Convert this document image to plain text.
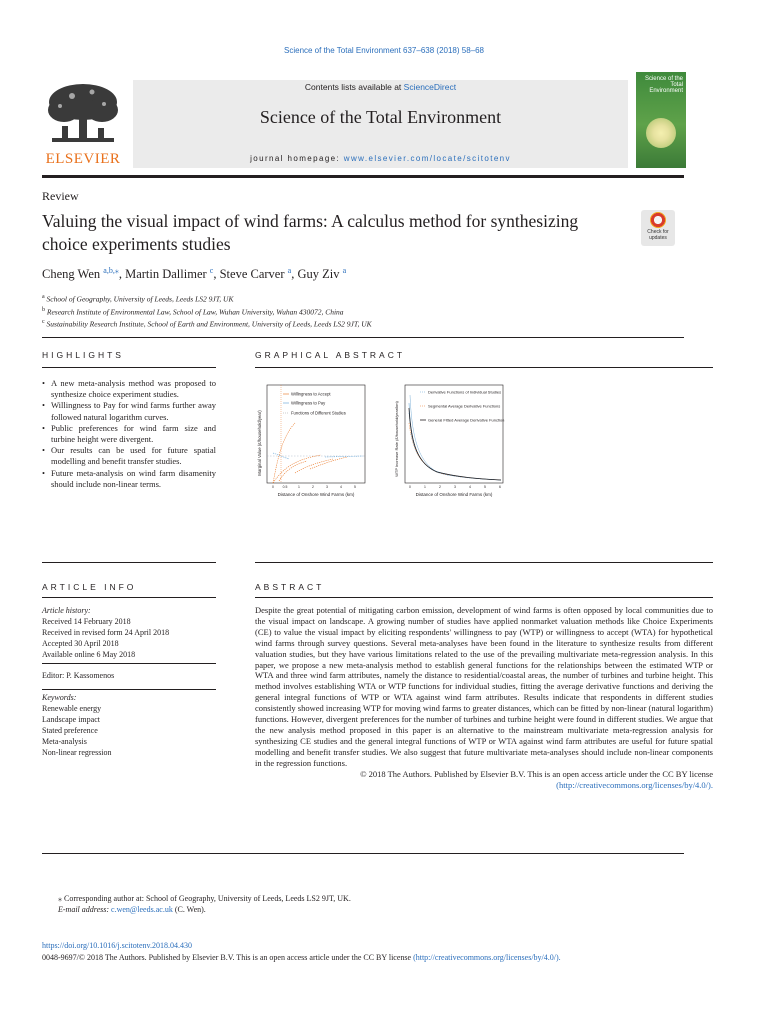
Science of the Total Environment 637–638 (2018) 58–68
ELSEVIER
Contents lists available at ScienceDirect
Science of the Total Environment
journal homepage: www.elsevier.com/locate/scitotenv
Science of the
Total Environment
Review
Valuing the visual impact of wind farms: A calculus method for synthesizing choice experiments studies
Check for
updates
Cheng Wen $^{a,b,⁎}$, Martin Dallimer $^c$, Steve Carver $^a$, Guy Ziv $^a$
$^a$ School of Geography, University of Leeds, Leeds LS2 9JT, UK
$^b$ Research Institute of Environmental Law, School of Law, Wuhan University, Wuhan 430072, China
$^c$ Sustainability Research Institute, School of Earth and Environment, University of Leeds, Leeds LS2 9JT, UK
HIGHLIGHTS	GRAPHICAL ABSTRACT
ARTICLE INFO	ABSTRACT
• A new meta-analysis method was proposed to synthesize choice experiment studies.
• Willingness to Pay for wind farms further away followed natural logarithm curves.
• Public preferences for wind farm size and turbine height were divergent.
• Our results can be used for future spatial modelling and benefit transfer studies.
• Future meta-analysis on wind farm disamenity should include non-linear terms.
Marginal Value (£/household/year)
Willingness to Accept
Willingness to Pay
Functions of Different Studies
0	0.5	1	2	3	4	5
Distance of Onshore Wind Farms (km)
WTP Increase Rate (£/household/year/km)
Derivative Functions of Individual Studies
Segmental Average Derivative Functions
General Fitted Average Derivative Function
0	1	2	3	4	5	6
Distance of Onshore Wind Farms (km)
Article history:
Received 14 February 2018
Received in revised form 24 April 2018
Accepted 30 April 2018
Available online 6 May 2018
Editor: P. Kassomenos
Keywords:
Renewable energy
Landscape impact
Stated preference
Meta-analysis
Non-linear regression
Despite the great potential of mitigating carbon emission, development of wind farms is often opposed by local communities due to the visual impact on landscape. A growing number of studies have applied nonmarket valuation methods like Choice Experiments (CE) to value the visual impact by eliciting respondents' willingness to pay (WTP) or willingness to accept (WTA) for hypothetical wind farms through survey questions. Several meta-analyses have been found in the literature to synthesize results from different valuation studies, but they have various limitations related to the use of the prevailing multivariate meta-regression analysis. In this paper, we propose a new meta-analysis method to establish general functions for the relationships between the estimated WTP or WTA and three wind farm attributes, namely the distance to residential/coastal areas, the number of turbines and turbine height. This method involves establishing WTA or WTP functions for individual studies, fitting the average derivative functions and deriving the general integral functions of WTP or WTA against wind farm attributes. Results indicate that respondents in different studies consistently showed increasing WTP for moving wind farms to greater distances, which can be fitted by non-linear (natural logarithm) functions. However, divergent preferences for the number of turbines and turbine height were found in different studies. We argue that the new analysis method proposed in this paper is an alternative to the mainstream multivariate meta-regression analysis for synthesizing CE studies and the general integral functions of WTP or WTA against wind farm attributes are useful for future spatial modelling and benefit transfer studies. We also suggest that future multivariate meta-analyses should include non-linear components in the regression functions.
© 2018 The Authors. Published by Elsevier B.V. This is an open access article under the CC BY license (http://creativecommons.org/licenses/by/4.0/).
⁎ Corresponding author at: School of Geography, University of Leeds, Leeds LS2 9JT, UK.
E-mail address: c.wen@leeds.ac.uk (C. Wen).
https://doi.org/10.1016/j.scitotenv.2018.04.430
0048-9697/© 2018 The Authors. Published by Elsevier B.V. This is an open access article under the CC BY license (http://creativecommons.org/licenses/by/4.0/).
